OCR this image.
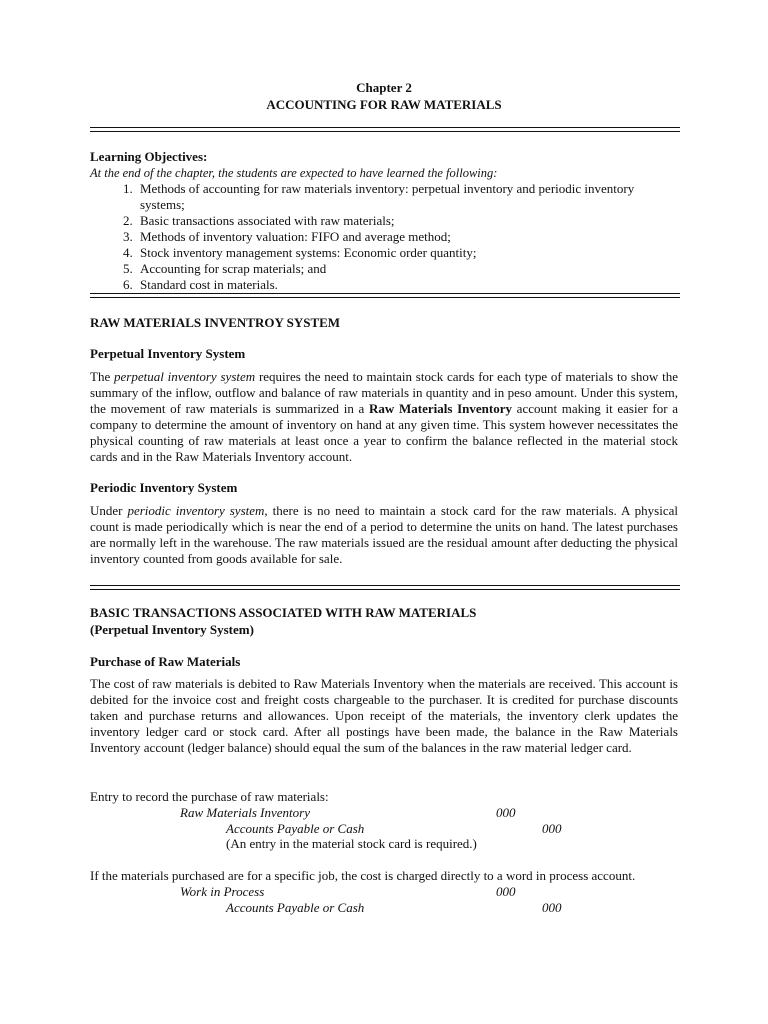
Chapter 2
ACCOUNTING FOR RAW MATERIALS
Learning Objectives:
At the end of the chapter, the students are expected to have learned the following:
1. Methods of accounting for raw materials inventory: perpetual inventory and periodic inventory systems;
2. Basic transactions associated with raw materials;
3. Methods of inventory valuation: FIFO and average method;
4. Stock inventory management systems: Economic order quantity;
5. Accounting for scrap materials; and
6. Standard cost in materials.
RAW MATERIALS INVENTROY SYSTEM
Perpetual Inventory System
The perpetual inventory system requires the need to maintain stock cards for each type of materials to show the summary of the inflow, outflow and balance of raw materials in quantity and in peso amount. Under this system, the movement of raw materials is summarized in a Raw Materials Inventory account making it easier for a company to determine the amount of inventory on hand at any given time. This system however necessitates the physical counting of raw materials at least once a year to confirm the balance reflected in the material stock cards and in the Raw Materials Inventory account.
Periodic Inventory System
Under periodic inventory system, there is no need to maintain a stock card for the raw materials. A physical count is made periodically which is near the end of a period to determine the units on hand. The latest purchases are normally left in the warehouse. The raw materials issued are the residual amount after deducting the physical inventory counted from goods available for sale.
BASIC TRANSACTIONS ASSOCIATED WITH RAW MATERIALS
(Perpetual Inventory System)
Purchase of Raw Materials
The cost of raw materials is debited to Raw Materials Inventory when the materials are received. This account is debited for the invoice cost and freight costs chargeable to the purchaser. It is credited for purchase discounts taken and purchase returns and allowances. Upon receipt of the materials, the inventory clerk updates the inventory ledger card or stock card. After all postings have been made, the balance in the Raw Materials Inventory account (ledger balance) should equal the sum of the balances in the raw material ledger card.
Entry to record the purchase of raw materials:
Raw Materials Inventory	000
Accounts Payable or Cash	000
(An entry in the material stock card is required.)
If the materials purchased are for a specific job, the cost is charged directly to a word in process account.
Work in Process	000
Accounts Payable or Cash	000
